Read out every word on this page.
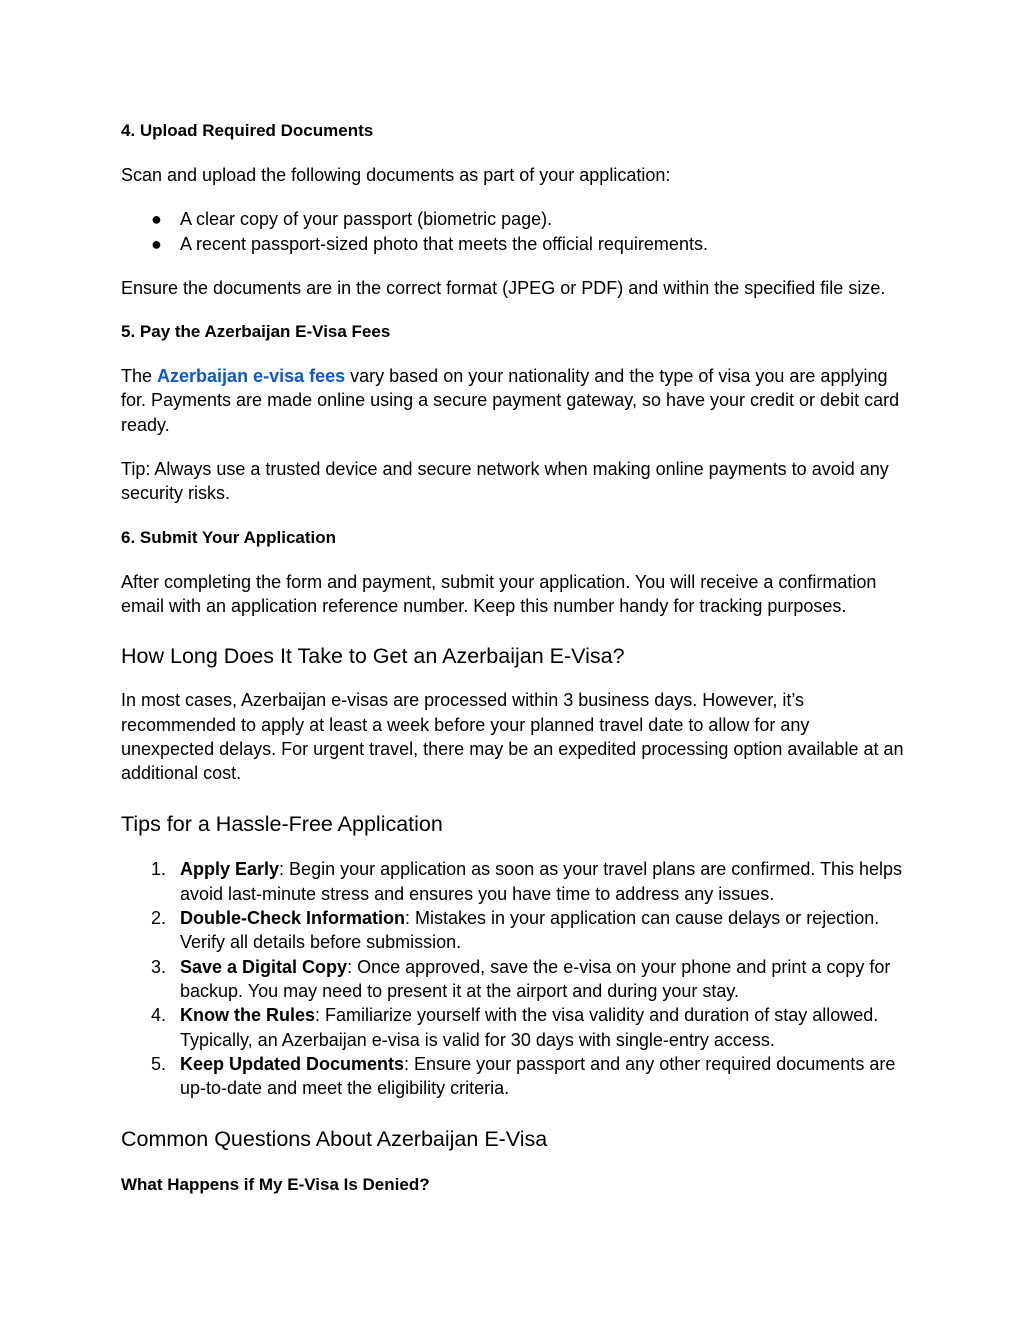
4. Upload Required Documents

Scan and upload the following documents as part of your application:

● A clear copy of your passport (biometric page).
● A recent passport-sized photo that meets the official requirements.

Ensure the documents are in the correct format (JPEG or PDF) and within the specified file size.

5. Pay the Azerbaijan E-Visa Fees

The Azerbaijan e-visa fees vary based on your nationality and the type of visa you are applying for. Payments are made online using a secure payment gateway, so have your credit or debit card ready.

Tip: Always use a trusted device and secure network when making online payments to avoid any security risks.

6. Submit Your Application

After completing the form and payment, submit your application. You will receive a confirmation email with an application reference number. Keep this number handy for tracking purposes.

How Long Does It Take to Get an Azerbaijan E-Visa?

In most cases, Azerbaijan e-visas are processed within 3 business days. However, it’s recommended to apply at least a week before your planned travel date to allow for any unexpected delays. For urgent travel, there may be an expedited processing option available at an additional cost.

Tips for a Hassle-Free Application
1. Apply Early: Begin your application as soon as your travel plans are confirmed. This helps avoid last-minute stress and ensures you have time to address any issues.
2. Double-Check Information: Mistakes in your application can cause delays or rejection. Verify all details before submission.
3. Save a Digital Copy: Once approved, save the e-visa on your phone and print a copy for backup. You may need to present it at the airport and during your stay.
4. Know the Rules: Familiarize yourself with the visa validity and duration of stay allowed. Typically, an Azerbaijan e-visa is valid for 30 days with single-entry access.
5. Keep Updated Documents: Ensure your passport and any other required documents are up-to-date and meet the eligibility criteria.
Common Questions About Azerbaijan E-Visa

What Happens if My E-Visa Is Denied?
